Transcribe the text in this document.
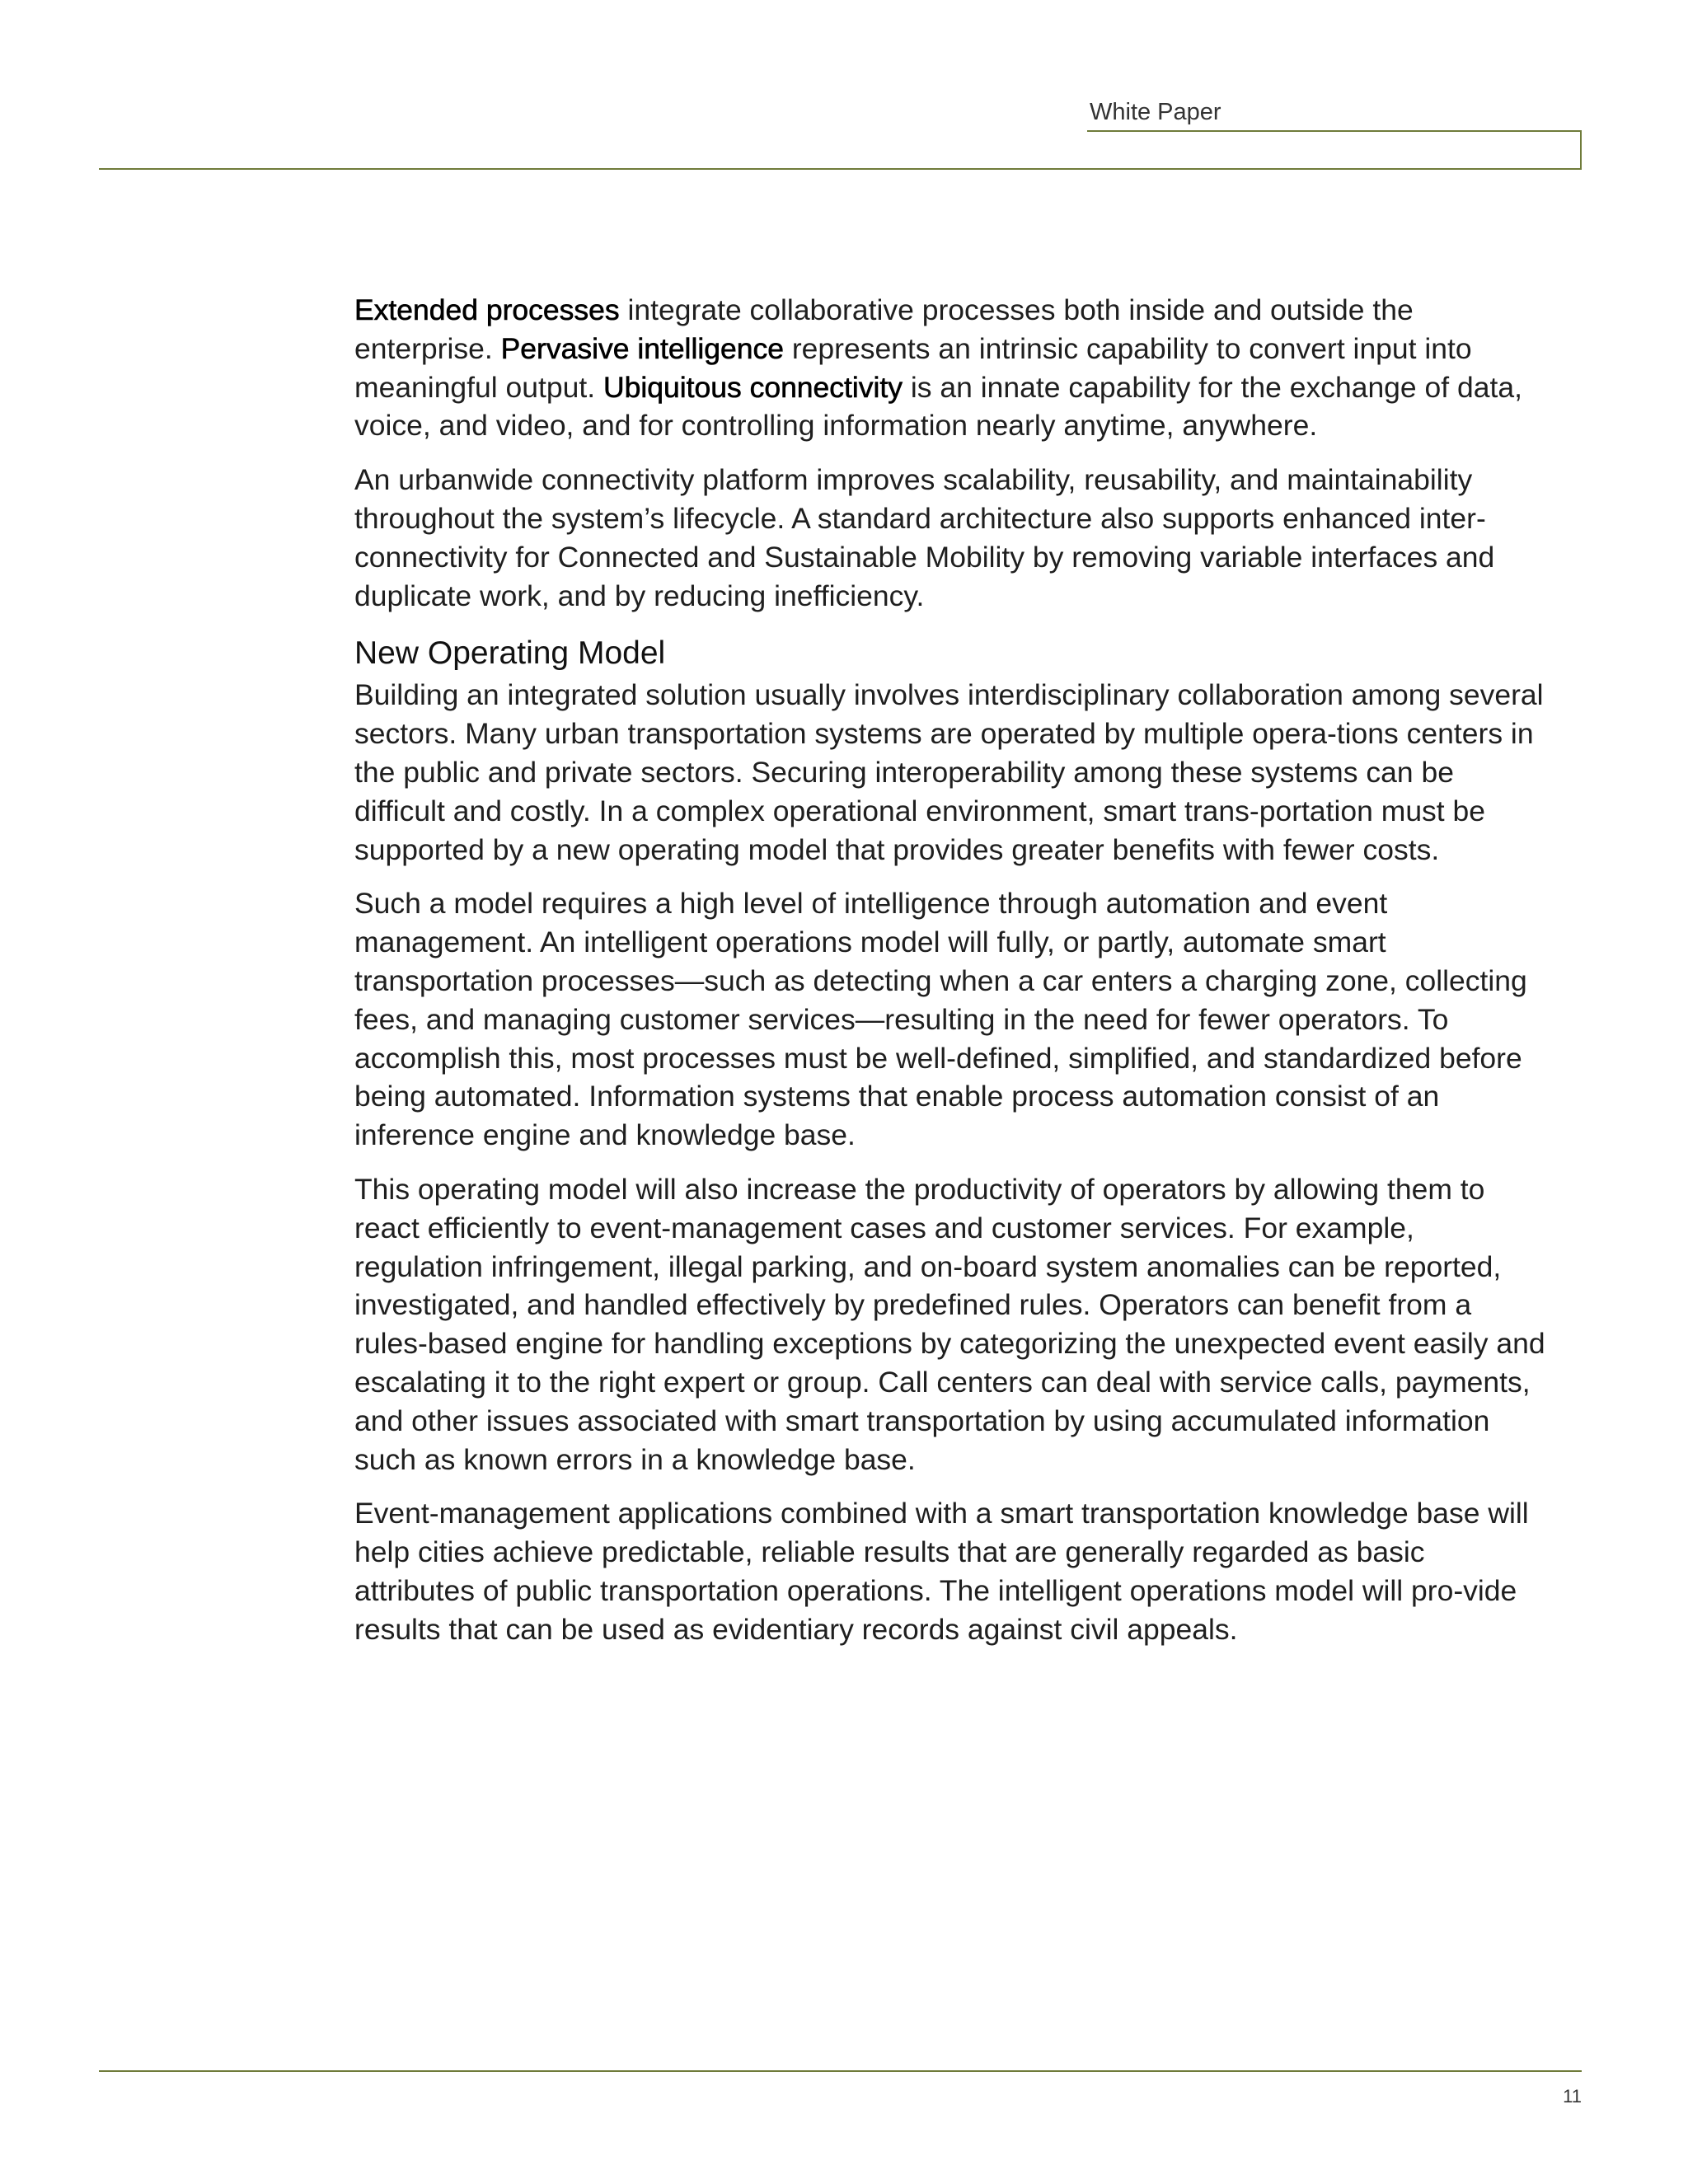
White Paper

Extended processes integrate collaborative processes both inside and outside the enterprise. Pervasive intelligence represents an intrinsic capability to convert input into meaningful output. Ubiquitous connectivity is an innate capability for the exchange of data, voice, and video, and for controlling information nearly anytime, anywhere.

An urbanwide connectivity platform improves scalability, reusability, and maintainability throughout the system’s lifecycle. A standard architecture also supports enhanced inter-connectivity for Connected and Sustainable Mobility by removing variable interfaces and duplicate work, and by reducing inefficiency.

New Operating Model

Building an integrated solution usually involves interdisciplinary collaboration among several sectors. Many urban transportation systems are operated by multiple opera-tions centers in the public and private sectors. Securing interoperability among these systems can be difficult and costly. In a complex operational environment, smart trans-portation must be supported by a new operating model that provides greater benefits with fewer costs.

Such a model requires a high level of intelligence through automation and event management. An intelligent operations model will fully, or partly, automate smart transportation processes—such as detecting when a car enters a charging zone, collecting fees, and managing customer services—resulting in the need for fewer operators. To accomplish this, most processes must be well-defined, simplified, and standardized before being automated. Information systems that enable process automation consist of an inference engine and knowledge base.

This operating model will also increase the productivity of operators by allowing them to react efficiently to event-management cases and customer services. For example, regulation infringement, illegal parking, and on-board system anomalies can be reported, investigated, and handled effectively by predefined rules. Operators can benefit from a rules-based engine for handling exceptions by categorizing the unexpected event easily and escalating it to the right expert or group. Call centers can deal with service calls, payments, and other issues associated with smart transportation by using accumulated information such as known errors in a knowledge base.

Event-management applications combined with a smart transportation knowledge base will help cities achieve predictable, reliable results that are generally regarded as basic attributes of public transportation operations. The intelligent operations model will pro-vide results that can be used as evidentiary records against civil appeals.

11
